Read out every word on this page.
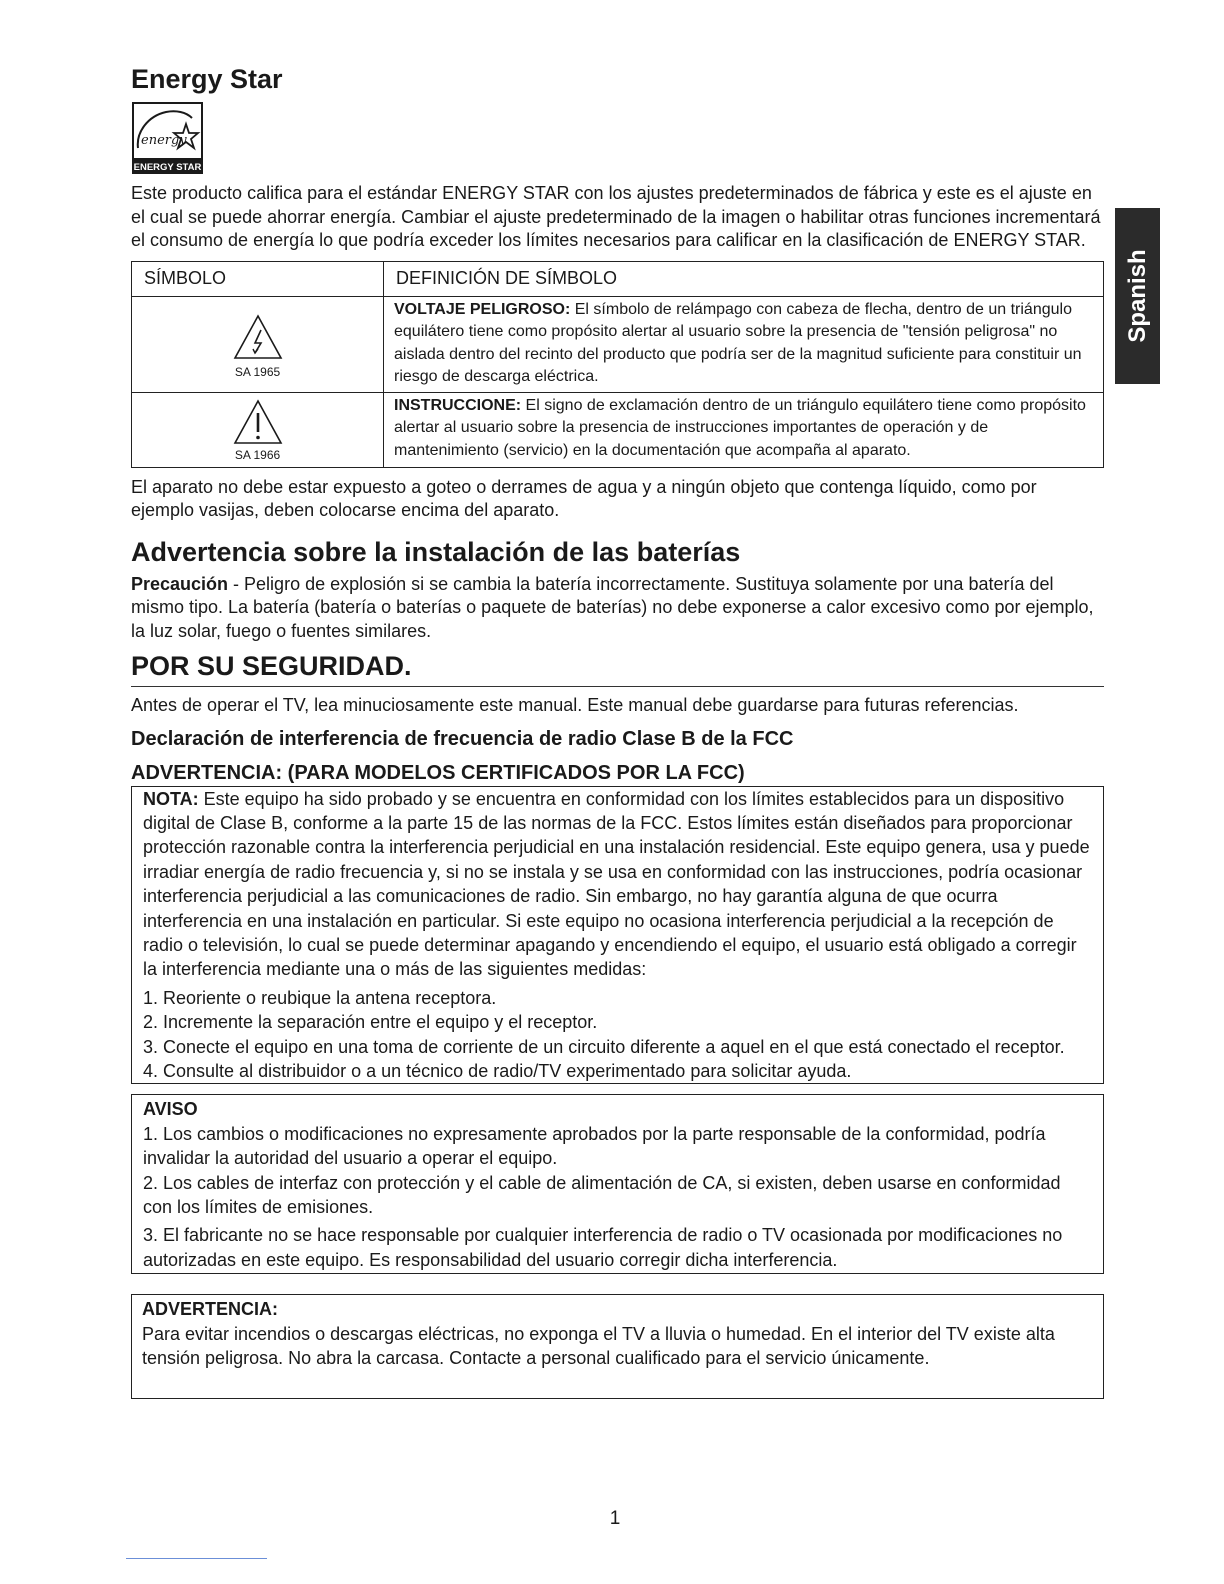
Energy Star
energy
ENERGY STAR

Este producto califica para el estándar ENERGY STAR con los ajustes predeterminados de fábrica y este es el ajuste en el cual se puede ahorrar energía. Cambiar el ajuste predeterminado de la imagen o habilitar otras funciones incrementará el consumo de energía lo que podría exceder los límites necesarios para calificar en la clasificación de ENERGY STAR.

SÍMBOLO	DEFINICIÓN DE SÍMBOLO

SA 1965	VOLTAJE PELIGROSO: El símbolo de relámpago con cabeza de flecha, dentro de un triángulo equilátero tiene como propósito alertar al usuario sobre la presencia de "tensión peligrosa" no aislada dentro del recinto del producto que podría ser de la magnitud suficiente para constituir un riesgo de descarga eléctrica.

SA 1966	INSTRUCCIONE: El signo de exclamación dentro de un triángulo equilátero tiene como propósito alertar al usuario sobre la presencia de instrucciones importantes de operación y de mantenimiento (servicio) en la documentación que acompaña al aparato.

El aparato no debe estar expuesto a goteo o derrames de agua y a ningún objeto que contenga líquido, como por ejemplo vasijas, deben colocarse encima del aparato.

Advertencia sobre la instalación de las baterías

Precaución - Peligro de explosión si se cambia la batería incorrectamente. Sustituya solamente por una batería del mismo tipo. La batería (batería o baterías o paquete de baterías) no debe exponerse a calor excesivo como por ejemplo, la luz solar, fuego o fuentes similares.

POR SU SEGURIDAD.

Antes de operar el TV, lea minuciosamente este manual. Este manual debe guardarse para futuras referencias.

Declaración de interferencia de frecuencia de radio Clase B de la FCC
ADVERTENCIA: (PARA MODELOS CERTIFICADOS POR LA FCC)

NOTA: Este equipo ha sido probado y se encuentra en conformidad con los límites establecidos para un dispositivo digital de Clase B, conforme a la parte 15 de las normas de la FCC. Estos límites están diseñados para proporcionar protección razonable contra la interferencia perjudicial en una instalación residencial. Este equipo genera, usa y puede irradiar energía de radio frecuencia y, si no se instala y se usa en conformidad con las instrucciones, podría ocasionar interferencia perjudicial a las comunicaciones de radio. Sin embargo, no hay garantía alguna de que ocurra interferencia en una instalación en particular. Si este equipo no ocasiona interferencia perjudicial a la recepción de radio o televisión, lo cual se puede determinar apagando y encendiendo el equipo, el usuario está obligado a corregir la interferencia mediante una o más de las siguientes medidas:

1. Reoriente o reubique la antena receptora.

2. Incremente la separación entre el equipo y el receptor.

3. Conecte el equipo en una toma de corriente de un circuito diferente a aquel en el que está conectado el receptor.

4. Consulte al distribuidor o a un técnico de radio/TV experimentado para solicitar ayuda.

AVISO

1. Los cambios o modificaciones no expresamente aprobados por la parte responsable de la conformidad, podría invalidar la autoridad del usuario a operar el equipo.

2. Los cables de interfaz con protección y el cable de alimentación de CA, si existen, deben usarse en conformidad con los límites de emisiones.

3. El fabricante no se hace responsable por cualquier interferencia de radio o TV ocasionada por modificaciones no autorizadas en este equipo. Es responsabilidad del usuario corregir dicha interferencia.

ADVERTENCIA:

Para evitar incendios o descargas eléctricas, no exponga el TV a lluvia o humedad. En el interior del TV existe alta tensión peligrosa. No abra la carcasa. Contacte a personal cualificado para el servicio únicamente.

Spanish
1
